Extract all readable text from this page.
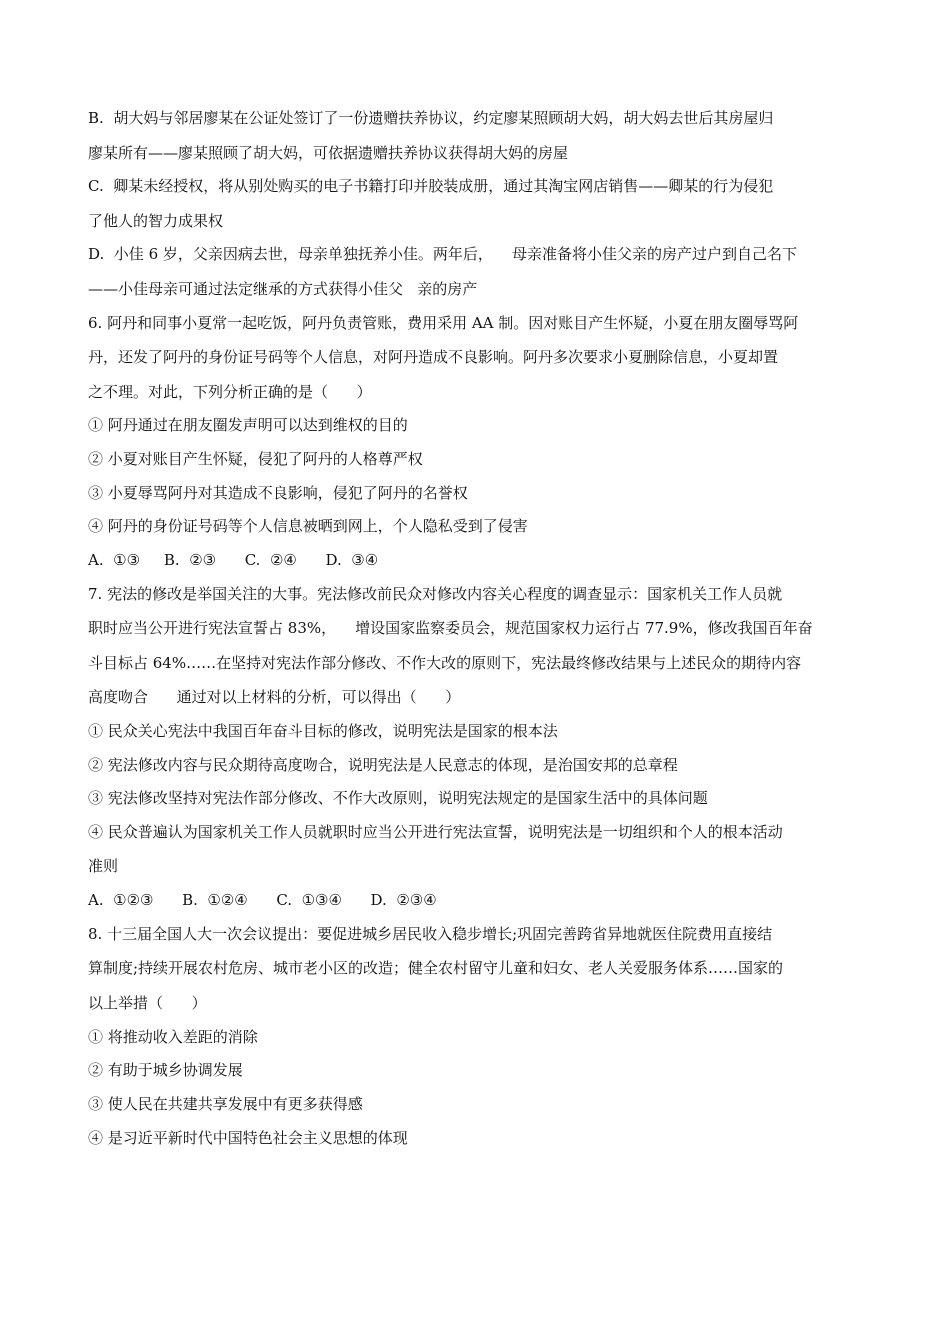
B.  胡大妈与邻居廖某在公证处签订了一份遗赠扶养协议，约定廖某照顾胡大妈，胡大妈去世后其房屋归
廖某所有——廖某照顾了胡大妈，可依据遗赠扶养协议获得胡大妈的房屋
C.  卿某未经授权，将从别处购买的电子书籍打印并胶装成册，通过其淘宝网店销售——卿某的行为侵犯
了他人的智力成果权
D.  小佳 6 岁，父亲因病去世，母亲单独抚养小佳。两年后，    母亲准备将小佳父亲的房产过户到自己名下
——小佳母亲可通过法定继承的方式获得小佳父   亲的房产
6. 阿丹和同事小夏常一起吃饭，阿丹负责管账，费用采用 AA 制。因对账目产生怀疑，小夏在朋友圈辱骂阿
丹，还发了阿丹的身份证号码等个人信息，对阿丹造成不良影响。阿丹多次要求小夏删除信息，小夏却置
之不理。对此，下列分析正确的是（      ）
① 阿丹通过在朋友圈发声明可以达到维权的目的
② 小夏对账目产生怀疑，侵犯了阿丹的人格尊严权
③ 小夏辱骂阿丹对其造成不良影响，侵犯了阿丹的名誉权
④ 阿丹的身份证号码等个人信息被晒到网上，个人隐私受到了侵害
A.  ①③     B.  ②③      C.  ②④      D.  ③④
7. 宪法的修改是举国关注的大事。宪法修改前民众对修改内容关心程度的调查显示：国家机关工作人员就
职时应当公开进行宪法宣誓占 83%，    增设国家监察委员会，规范国家权力运行占 77.9%，修改我国百年奋
斗目标占 64%……在坚持对宪法作部分修改、不作大改的原则下，宪法最终修改结果与上述民众的期待内容
高度吻合      通过对以上材料的分析，可以得出（      ）
① 民众关心宪法中我国百年奋斗目标的修改，说明宪法是国家的根本法
② 宪法修改内容与民众期待高度吻合，说明宪法是人民意志的体现，是治国安邦的总章程
③ 宪法修改坚持对宪法作部分修改、不作大改原则，说明宪法规定的是国家生活中的具体问题
④ 民众普遍认为国家机关工作人员就职时应当公开进行宪法宣誓，说明宪法是一切组织和个人的根本活动
准则
A.  ①②③      B.  ①②④      C.  ①③④      D.  ②③④
8. 十三届全国人大一次会议提出：要促进城乡居民收入稳步增长;巩固完善跨省异地就医住院费用直接结
算制度;持续开展农村危房、城市老小区的改造；健全农村留守儿童和妇女、老人关爱服务体系……国家的
以上举措（      ）
① 将推动收入差距的消除
② 有助于城乡协调发展
③ 使人民在共建共享发展中有更多获得感
④ 是习近平新时代中国特色社会主义思想的体现
